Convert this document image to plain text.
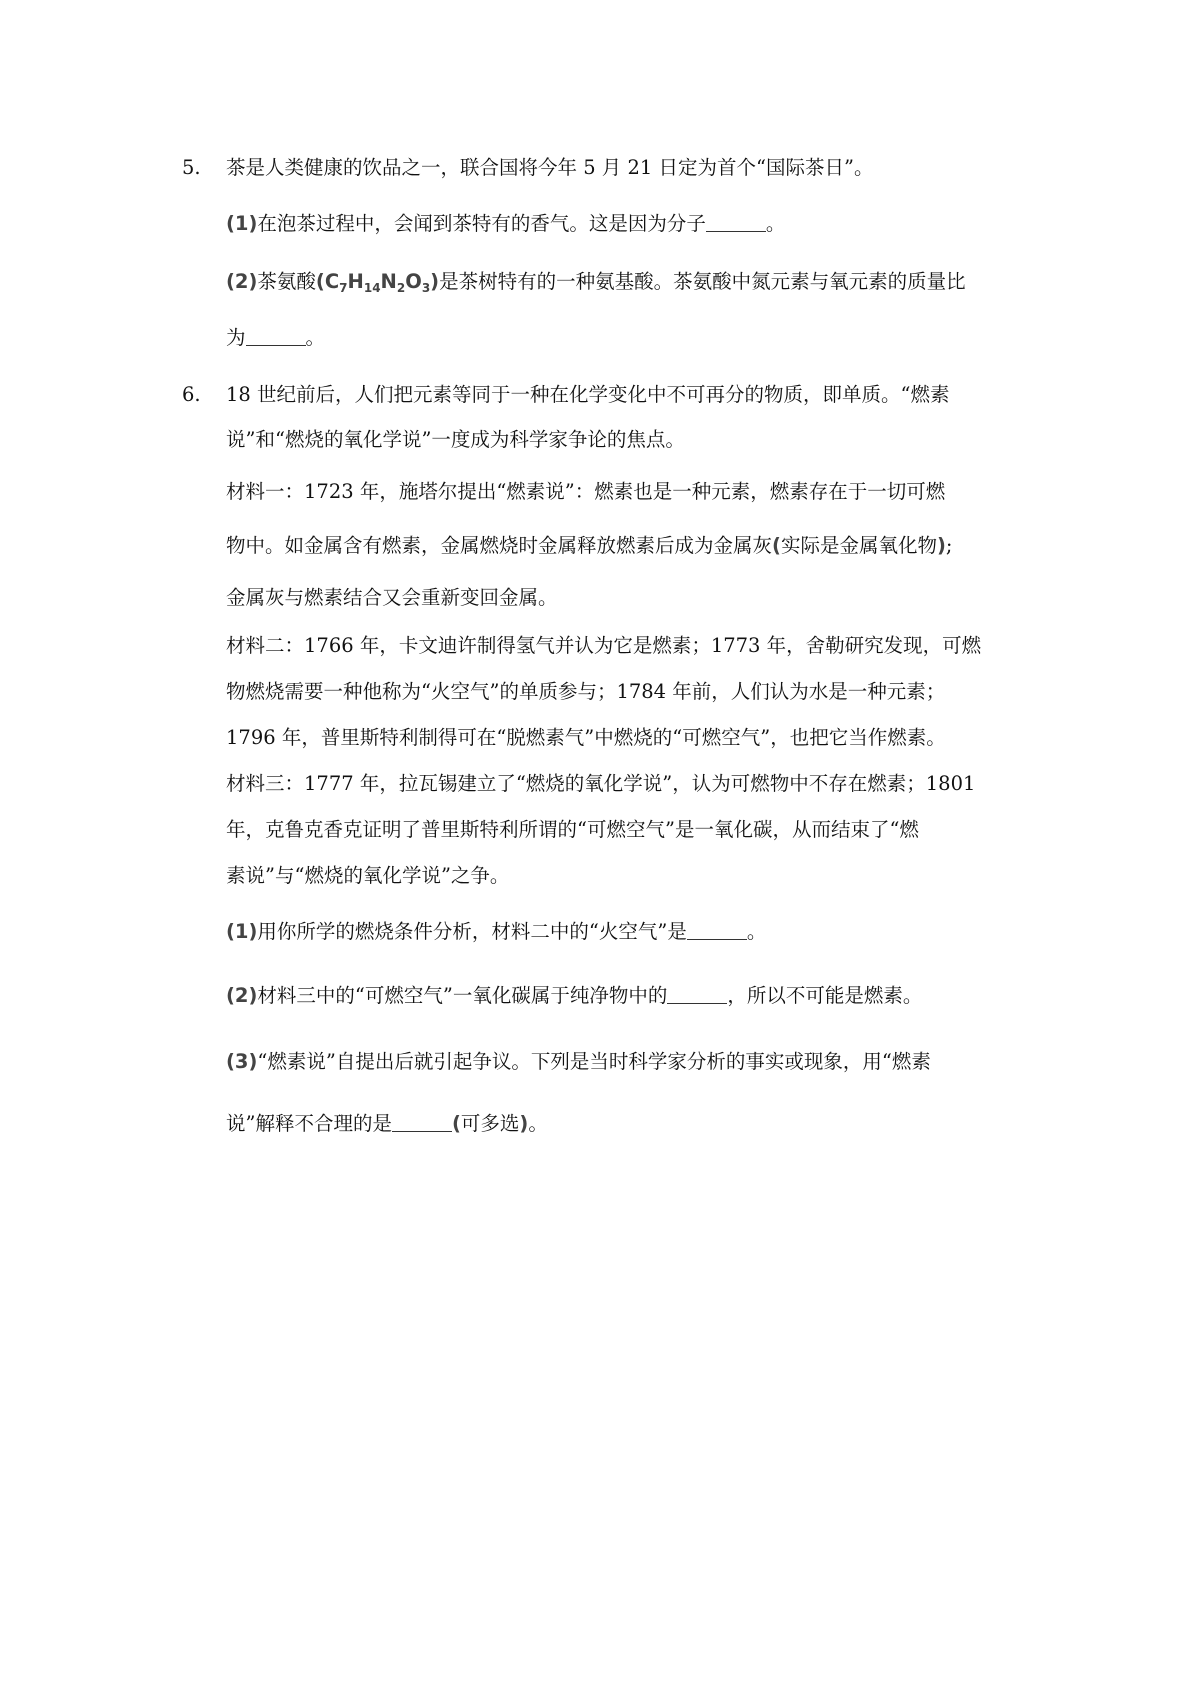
5. 茶是人类健康的饮品之一，联合国将今年 5 月 21 日定为首个“国际茶日”。
(1)在泡茶过程中，会闻到茶特有的香气。这是因为分子	。
(2)茶氨酸$(C_7H_{14}N_2O_3)$是茶树特有的一种氨基酸。茶氨酸中氮元素与氧元素的质量比
为	。
6. 18 世纪前后，人们把元素等同于一种在化学变化中不可再分的物质，即单质。“燃素
说”和“燃烧的氧化学说”一度成为科学家争论的焦点。
材料一：1723 年，施塔尔提出“燃素说”：燃素也是一种元素，燃素存在于一切可燃
物中。如金属含有燃素，金属燃烧时金属释放燃素后成为金属灰(实际是金属氧化物);
金属灰与燃素结合又会重新变回金属。
材料二：1766 年，卡文迪许制得氢气并认为它是燃素；1773 年，舍勒研究发现，可燃
物燃烧需要一种他称为“火空气”的单质参与；1784 年前，人们认为水是一种元素；
1796 年，普里斯特利制得可在“脱燃素气”中燃烧的“可燃空气”，也把它当作燃素。
材料三：1777 年，拉瓦锡建立了“燃烧的氧化学说”，认为可燃物中不存在燃素；1801
年，克鲁克香克证明了普里斯特利所谓的“可燃空气”是一氧化碳，从而结束了“燃
素说”与“燃烧的氧化学说”之争。
(1)用你所学的燃烧条件分析，材料二中的“火空气”是	。
(2)材料三中的“可燃空气”一氧化碳属于纯净物中的	，所以不可能是燃素。
(3)“燃素说”自提出后就引起争议。下列是当时科学家分析的事实或现象，用“燃素
说”解释不合理的是	(可多选)。
